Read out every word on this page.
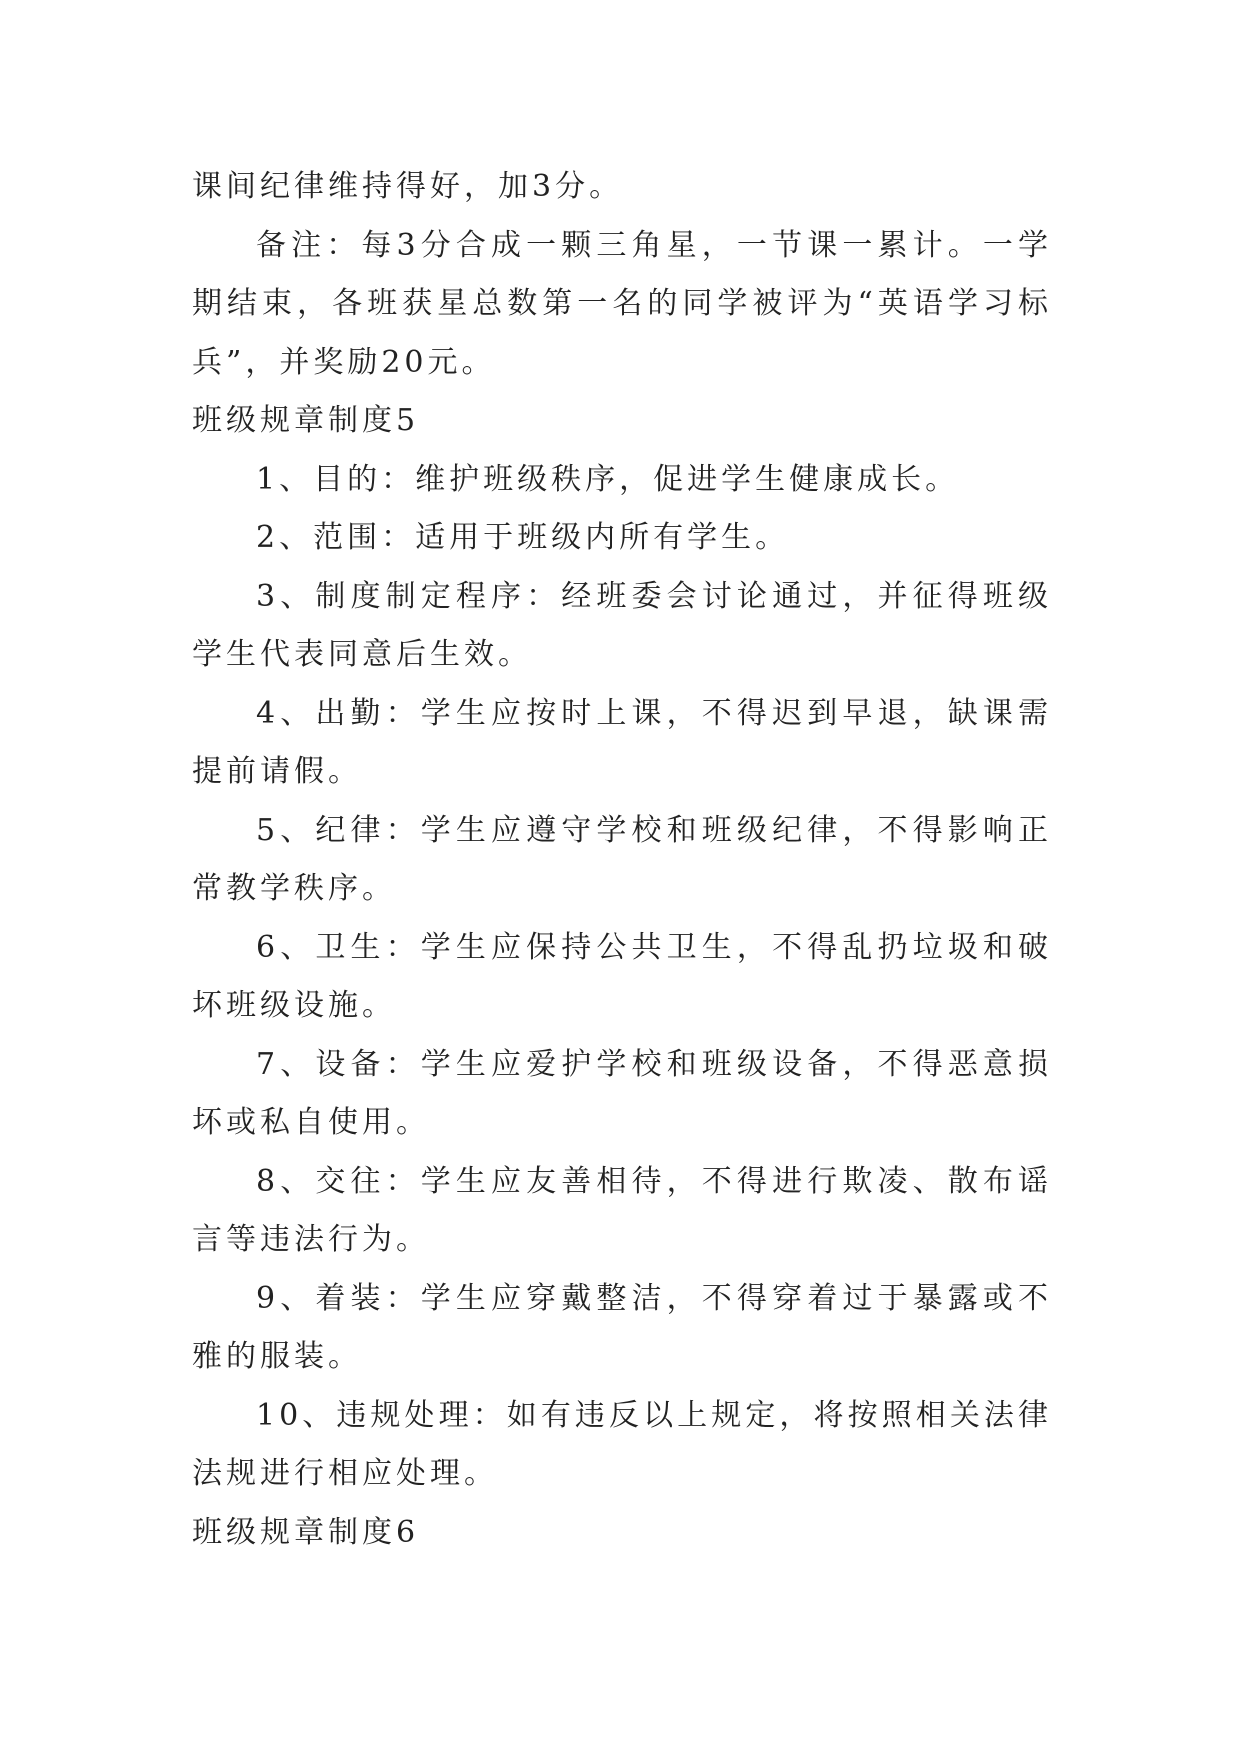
课间纪律维持得好，加3分。

备注：每3分合成一颗三角星，一节课一累计。一学期结束，各班获星总数第一名的同学被评为“英语学习标兵”，并奖励20元。

班级规章制度5

1、目的：维护班级秩序，促进学生健康成长。

2、范围：适用于班级内所有学生。

3、制度制定程序：经班委会讨论通过，并征得班级学生代表同意后生效。

4、出勤：学生应按时上课，不得迟到早退，缺课需提前请假。

5、纪律：学生应遵守学校和班级纪律，不得影响正常教学秩序。

6、卫生：学生应保持公共卫生，不得乱扔垃圾和破坏班级设施。

7、设备：学生应爱护学校和班级设备，不得恶意损坏或私自使用。

8、交往：学生应友善相待，不得进行欺凌、散布谣言等违法行为。

9、着装：学生应穿戴整洁，不得穿着过于暴露或不雅的服装。

10、违规处理：如有违反以上规定，将按照相关法律法规进行相应处理。

班级规章制度6
